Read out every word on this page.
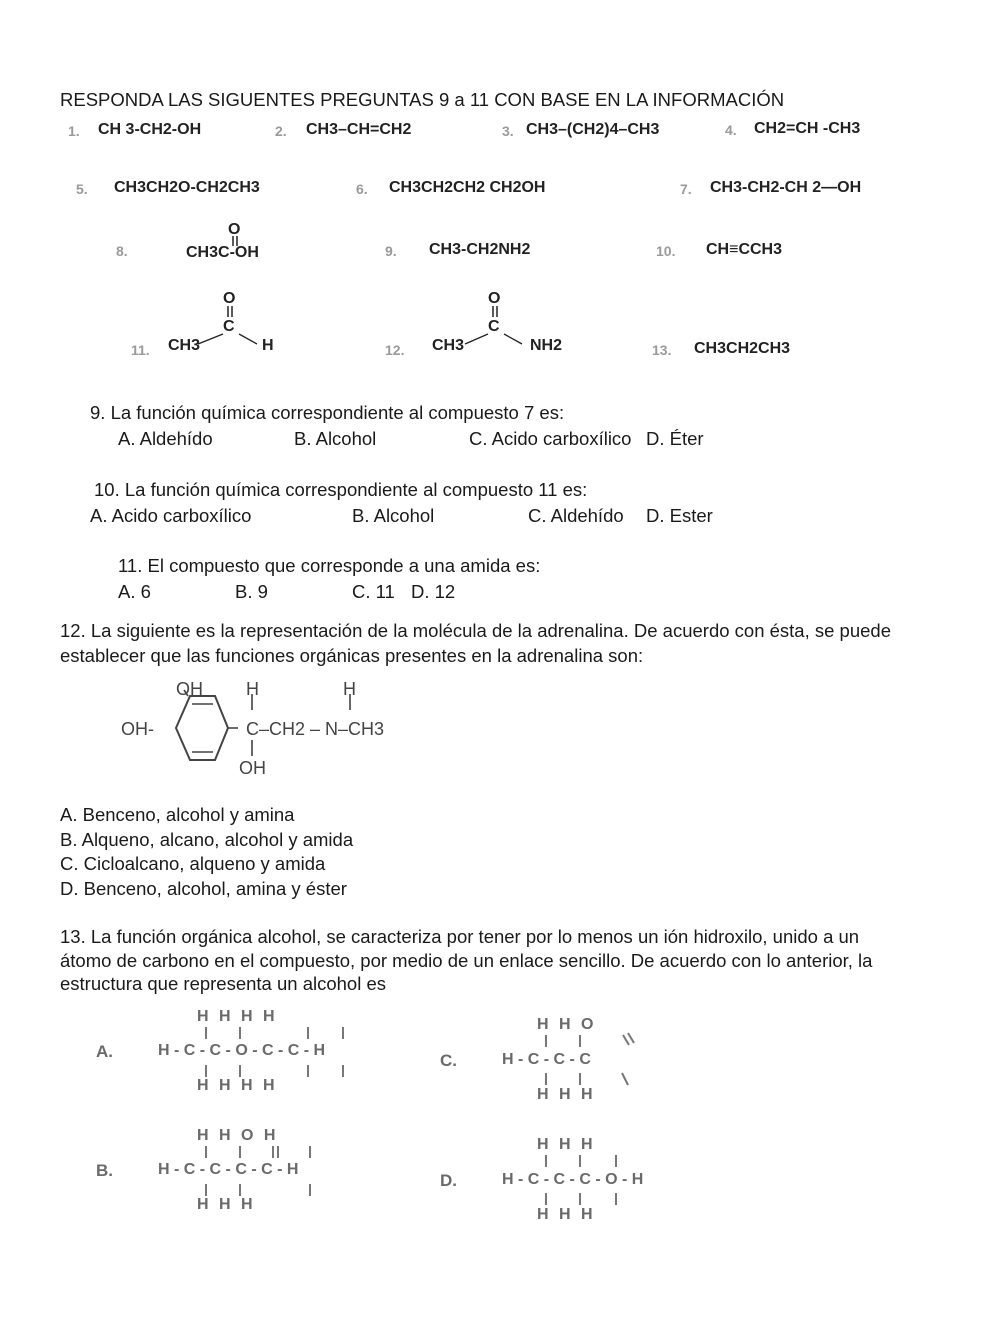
RESPONDA LAS SIGUENTES PREGUNTAS 9 a 11 CON BASE EN LA INFORMACIÓN
1. CH 3-CH2-OH	2. CH3–CH=CH2	3. CH3–(CH2)4–CH3	4. CH2=CH -CH3
5. CH3CH2O-CH2CH3	6. CH3CH2CH2 CH2OH	7. CH3-CH2-CH 2—OH
8.
O
CH3C-OH	9. CH3-CH2NH2	10. CH≡CCH3
11.
O
C
CH3	H	12.
O
C
CH3	NH2	13. CH3CH2CH3
9. La función química correspondiente al compuesto 7 es:
A. Aldehído	B. Alcohol	C. Acido carboxílico D. Éter
10. La función química correspondiente al compuesto 11 es:
A. Acido carboxílico	B. Alcohol	C. Aldehído D. Ester
11. El compuesto que corresponde a una amida es:
A. 6	B. 9	C. 11 D. 12
12. La siguiente es la representación de la molécula de la adrenalina. De acuerdo con ésta, se puede
establecer que las funciones orgánicas presentes en la adrenalina son:
OH
OH-
H	H
C–CH2 – N–CH3
OH
A. Benceno, alcohol y amina
B. Alqueno, alcano, alcohol y amida
C. Cicloalcano, alqueno y amida
D. Benceno, alcohol, amina y éster
13. La función orgánica alcohol, se caracteriza por tener por lo menos un ión hidroxilo, unido a un
átomo de carbono en el compuesto, por medio de un enlace sencillo. De acuerdo con lo anterior, la
estructura que representa un alcohol es
A.
B.
C.
D.
H H H H
H - C - C - O - C - C - H
H H H H
H H O H
H - C - C - C - C - H
H H H
H H O
H - C - C - C
H H H
H H H
H - C - C - C - O - H
H H H
